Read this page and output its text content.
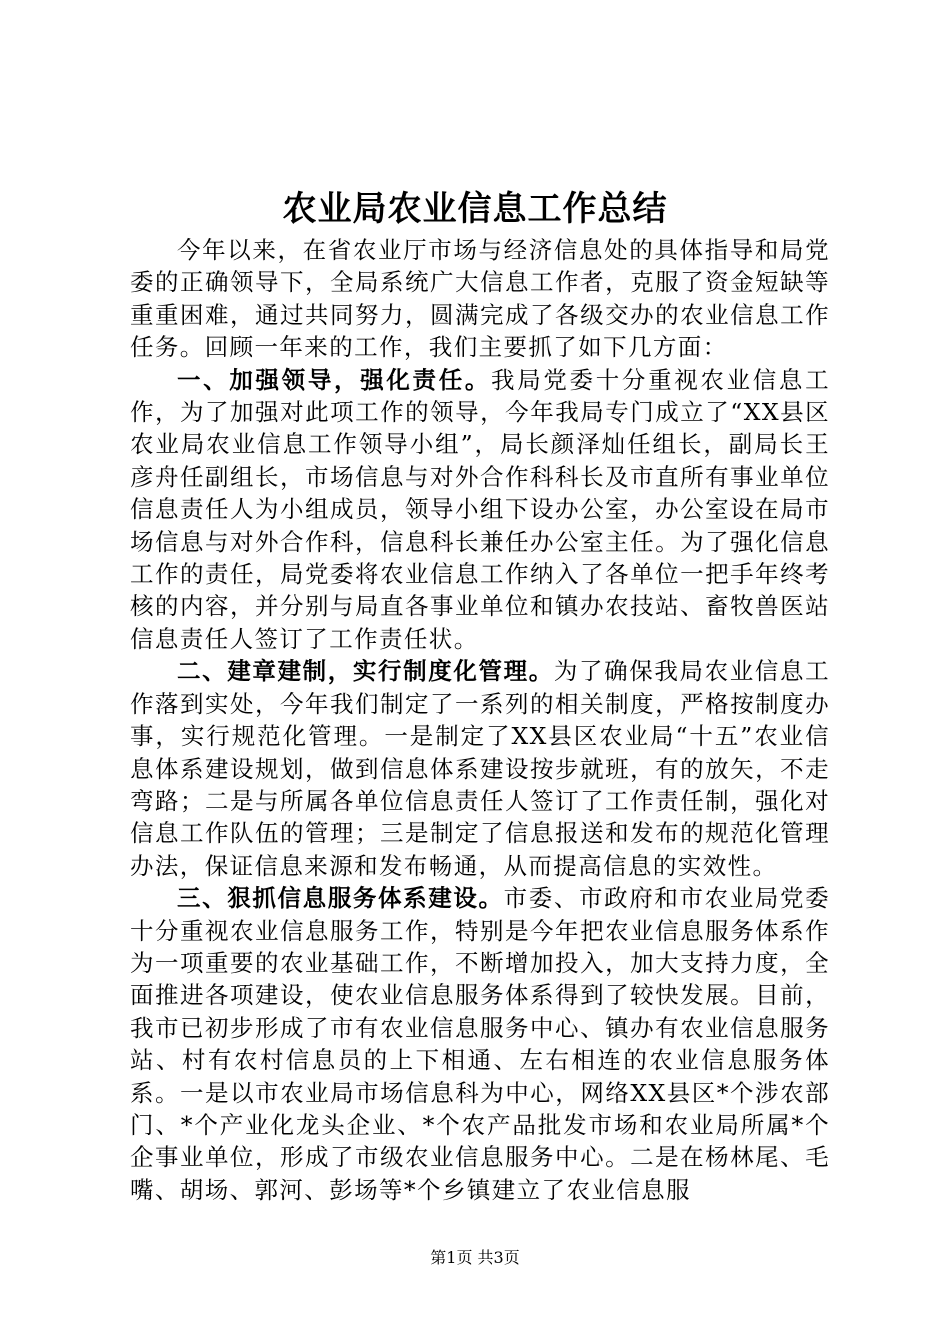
农业局农业信息工作总结

今年以来，在省农业厅市场与经济信息处的具体指导和局党委的正确领导下，全局系统广大信息工作者，克服了资金短缺等重重困难，通过共同努力，圆满完成了各级交办的农业信息工作任务。回顾一年来的工作，我们主要抓了如下几方面：

一、加强领导，强化责任。我局党委十分重视农业信息工作，为了加强对此项工作的领导，今年我局专门成立了“XX县区农业局农业信息工作领导小组”，局长颜泽灿任组长，副局长王彦舟任副组长，市场信息与对外合作科科长及市直所有事业单位信息责任人为小组成员，领导小组下设办公室，办公室设在局市场信息与对外合作科，信息科长兼任办公室主任。为了强化信息工作的责任，局党委将农业信息工作纳入了各单位一把手年终考核的内容，并分别与局直各事业单位和镇办农技站、畜牧兽医站信息责任人签订了工作责任状。

二、建章建制，实行制度化管理。为了确保我局农业信息工作落到实处，今年我们制定了一系列的相关制度，严格按制度办事，实行规范化管理。一是制定了XX县区农业局“十五”农业信息体系建设规划，做到信息体系建设按步就班，有的放矢，不走弯路；二是与所属各单位信息责任人签订了工作责任制，强化对信息工作队伍的管理；三是制定了信息报送和发布的规范化管理办法，保证信息来源和发布畅通，从而提高信息的实效性。

三、狠抓信息服务体系建设。市委、市政府和市农业局党委十分重视农业信息服务工作，特别是今年把农业信息服务体系作为一项重要的农业基础工作，不断增加投入，加大支持力度，全面推进各项建设，使农业信息服务体系得到了较快发展。目前，我市已初步形成了市有农业信息服务中心、镇办有农业信息服务站、村有农村信息员的上下相通、左右相连的农业信息服务体系。一是以市农业局市场信息科为中心，网络XX县区*个涉农部门、*个产业化龙头企业、*个农产品批发市场和农业局所属*个企事业单位，形成了市级农业信息服务中心。二是在杨林尾、毛嘴、胡场、郭河、彭场等*个乡镇建立了农业信息服

第1页 共3页
